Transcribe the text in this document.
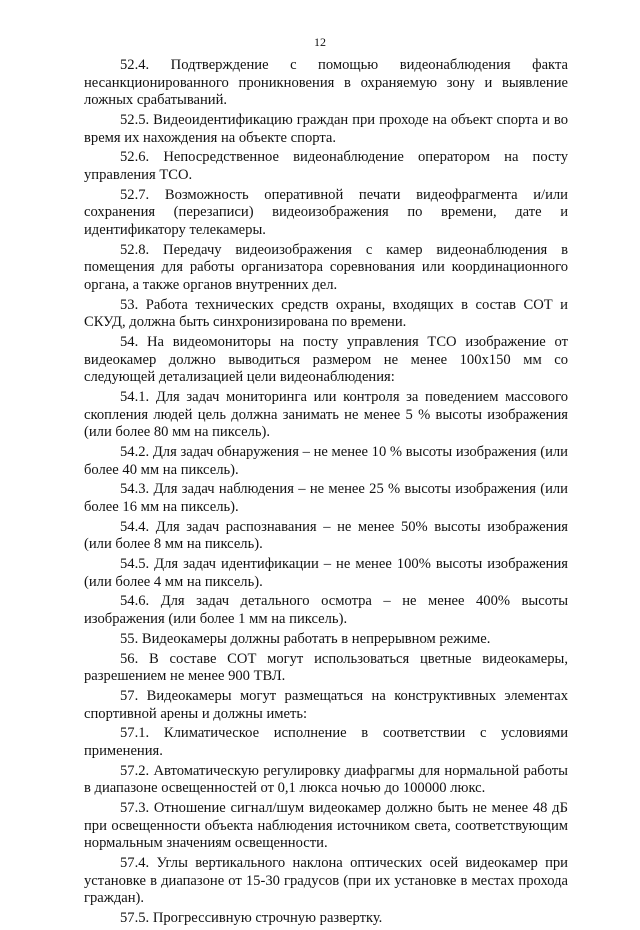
12

52.4. Подтверждение с помощью видеонаблюдения факта несанкционированного проникновения в охраняемую зону и выявление ложных срабатываний.

52.5. Видеоидентификацию граждан при проходе на объект спорта и во время их нахождения на объекте спорта.

52.6. Непосредственное видеонаблюдение оператором на посту управления ТСО.

52.7. Возможность оперативной печати видеофрагмента и/или сохранения (перезаписи) видеоизображения по времени, дате и идентификатору телекамеры.

52.8. Передачу видеоизображения с камер видеонаблюдения в помещения для работы организатора соревнования или координационного органа, а также органов внутренних дел.

53. Работа технических средств охраны, входящих в состав СОТ и СКУД, должна быть синхронизирована по времени.

54. На видеомониторы на посту управления ТСО изображение от видеокамер должно выводиться размером не менее 100х150 мм со следующей детализацией цели видеонаблюдения:

54.1. Для задач мониторинга или контроля за поведением массового скопления людей цель должна занимать не менее 5 % высоты изображения (или более 80 мм на пиксель).

54.2. Для задач обнаружения – не менее 10 % высоты изображения (или более 40 мм на пиксель).

54.3. Для задач наблюдения – не менее 25 % высоты изображения (или более 16 мм на пиксель).

54.4. Для задач распознавания – не менее 50% высоты изображения (или более 8 мм на пиксель).

54.5. Для задач идентификации – не менее 100% высоты изображения (или более 4 мм на пиксель).

54.6. Для задач детального осмотра – не менее 400% высоты изображения (или более 1 мм на пиксель).

55. Видеокамеры должны работать в непрерывном режиме.

56. В составе СОТ могут использоваться цветные видеокамеры, разрешением не менее 900 ТВЛ.

57. Видеокамеры могут размещаться на конструктивных элементах спортивной арены и должны иметь:

57.1. Климатическое исполнение в соответствии с условиями применения.

57.2. Автоматическую регулировку диафрагмы для нормальной работы в диапазоне освещенностей от 0,1 люкса ночью до 100000 люкс.

57.3. Отношение сигнал/шум видеокамер должно быть не менее 48 дБ при освещенности объекта наблюдения источником света, соответствующим нормальным значениям освещенности.

57.4. Углы вертикального наклона оптических осей видеокамер при установке в диапазоне от 15-30 градусов (при их установке в местах прохода граждан).

57.5. Прогрессивную строчную развертку.
